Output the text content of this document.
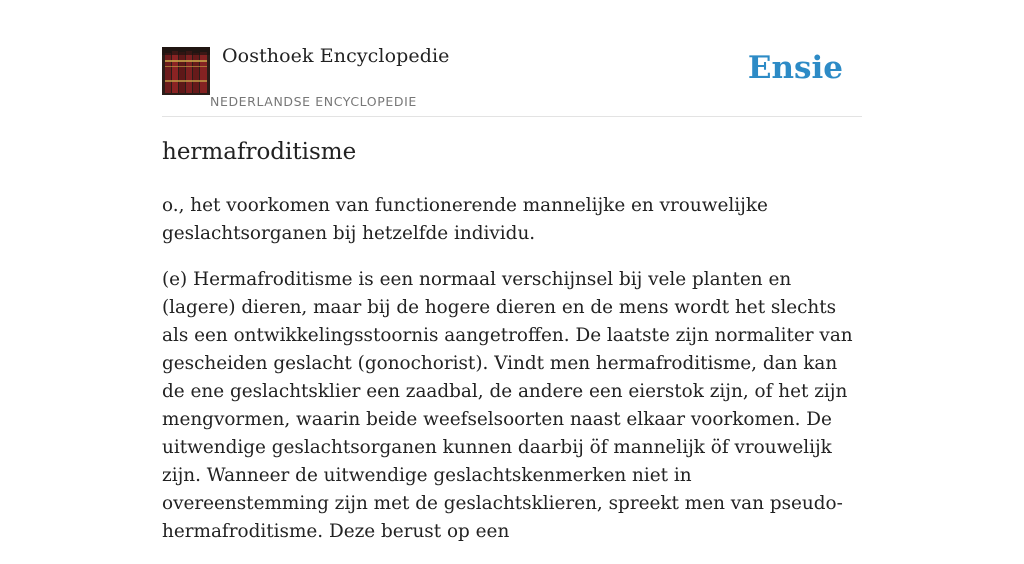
Oosthoek Encyclopedie
NEDERLANDSE ENCYCLOPEDIE
Ensie
hermafroditisme

o., het voorkomen van functionerende mannelijke en vrouwelijke geslachtsorganen bij hetzelfde individu.

(e) Hermafroditisme is een normaal verschijnsel bij vele planten en (lagere) dieren, maar bij de hogere dieren en de mens wordt het slechts als een ontwikkelingsstoornis aangetroffen. De laatste zijn normaliter van gescheiden geslacht (gonochorist). Vindt men hermafroditisme, dan kan de ene geslachtsklier een zaadbal, de andere een eierstok zijn, of het zijn mengvormen, waarin beide weefselsoorten naast elkaar voorkomen. De uitwendige geslachtsorganen kunnen daarbij öf mannelijk öf vrouwelijk zijn. Wanneer de uitwendige geslachtskenmerken niet in overeenstemming zijn met de geslachtsklieren, spreekt men van pseudo-hermafroditisme. Deze berust op een
